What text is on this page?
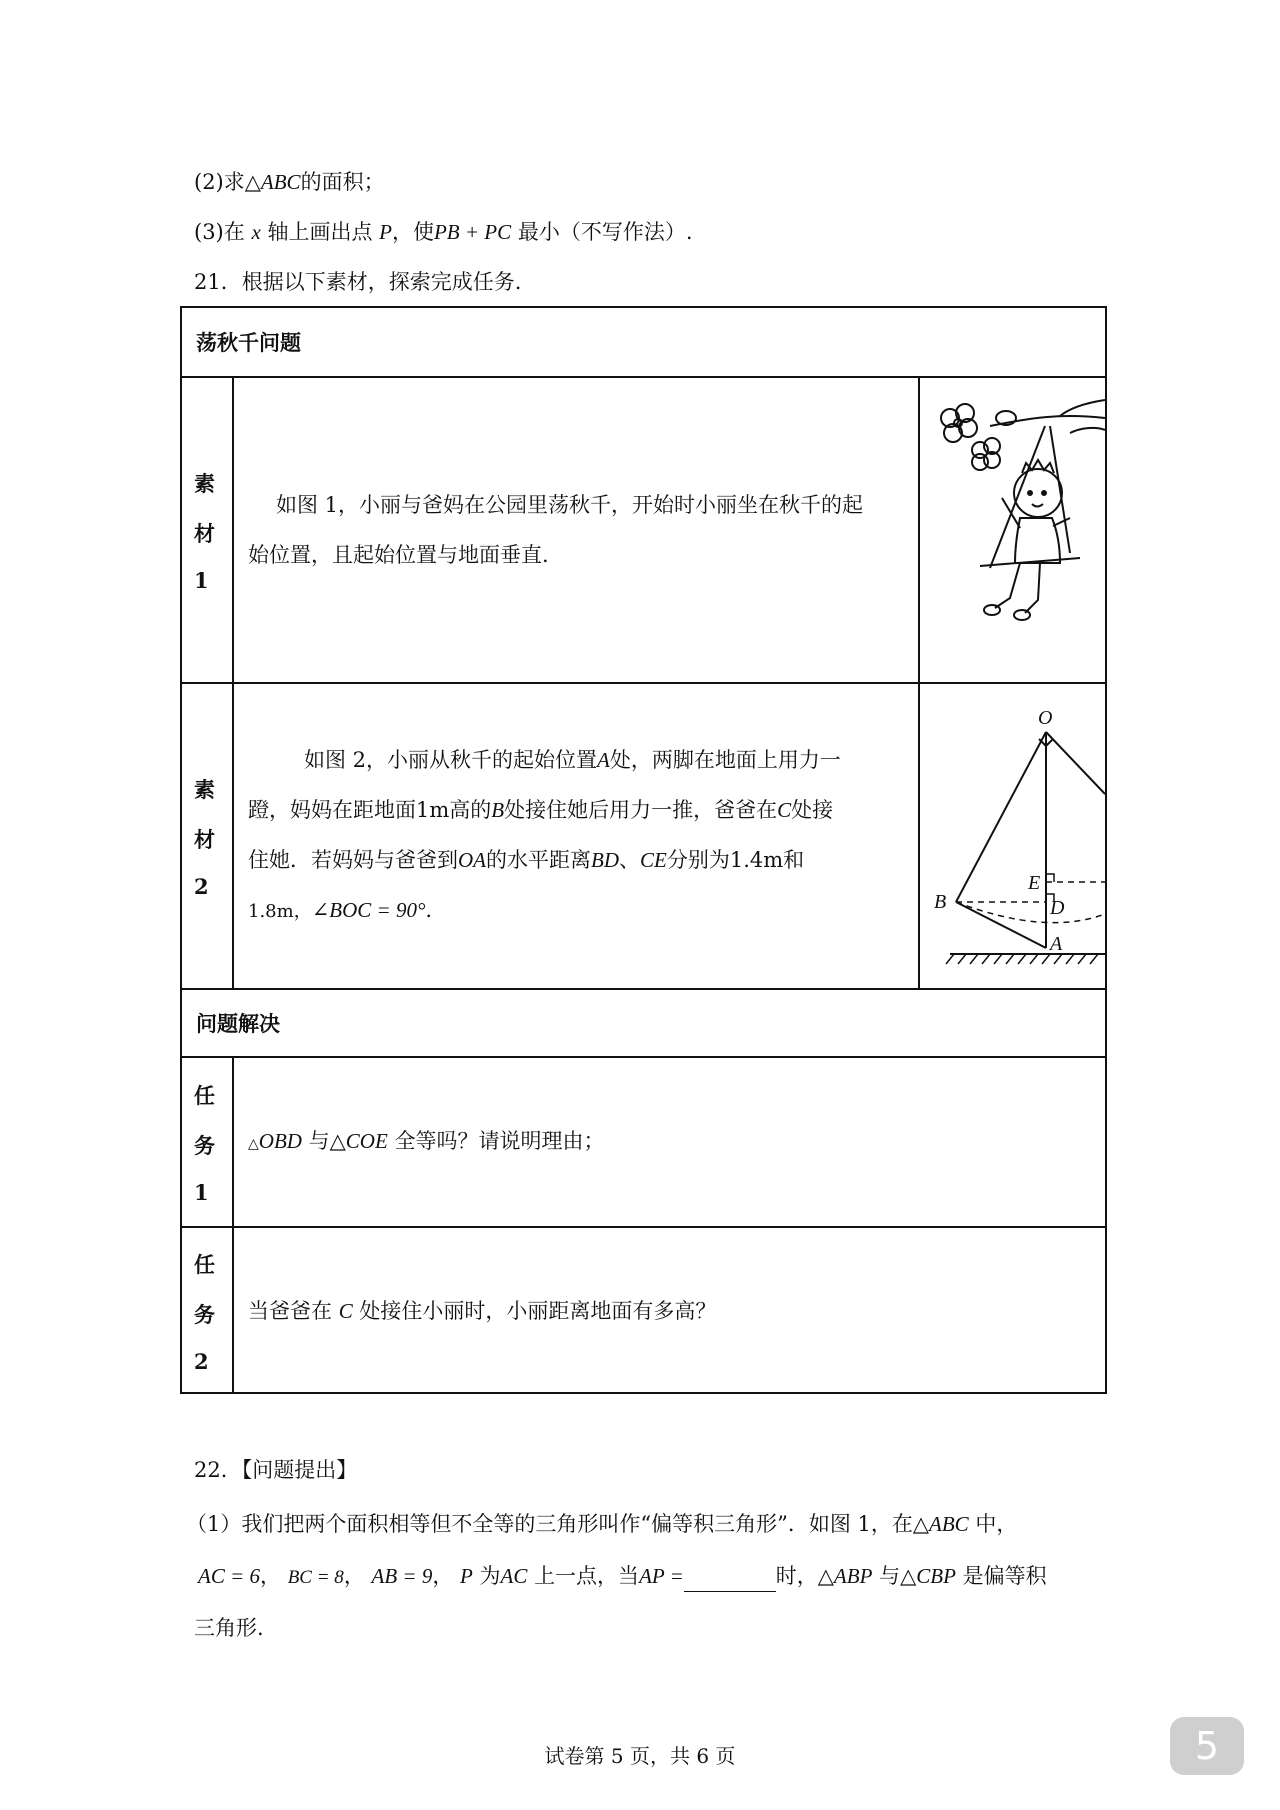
(2)求△ABC的面积；
(3)在 x 轴上画出点 P，使PB + PC 最小（不写作法）.
21．根据以下素材，探索完成任务.
荡秋千问题
素
材
1
如图 1，小丽与爸妈在公园里荡秋千，开始时小丽坐在秋千的起
始位置，且起始位置与地面垂直.
素
材
2
如图 2，小丽从秋千的起始位置A处，两脚在地面上用力一
蹬，妈妈在距地面1m高的B处接住她后用力一推，爸爸在C处接
住她．若妈妈与爸爸到OA的水平距离BD、CE分别为1.4m和
1.8m，∠BOC = 90°.
O
B
E
D
A
问题解决
任
务
1
△OBD 与△COE 全等吗？请说明理由；
任
务
2
当爸爸在 C 处接住小丽时，小丽距离地面有多高？
22．【问题提出】
（1）我们把两个面积相等但不全等的三角形叫作“偏等积三角形”．如图 1，在△ABC 中，
AC = 6， BC = 8， AB = 9， P 为AC 上一点，当AP =	时，△ABP 与△CBP 是偏等积
三角形.
试卷第 5 页，共 6 页	5
